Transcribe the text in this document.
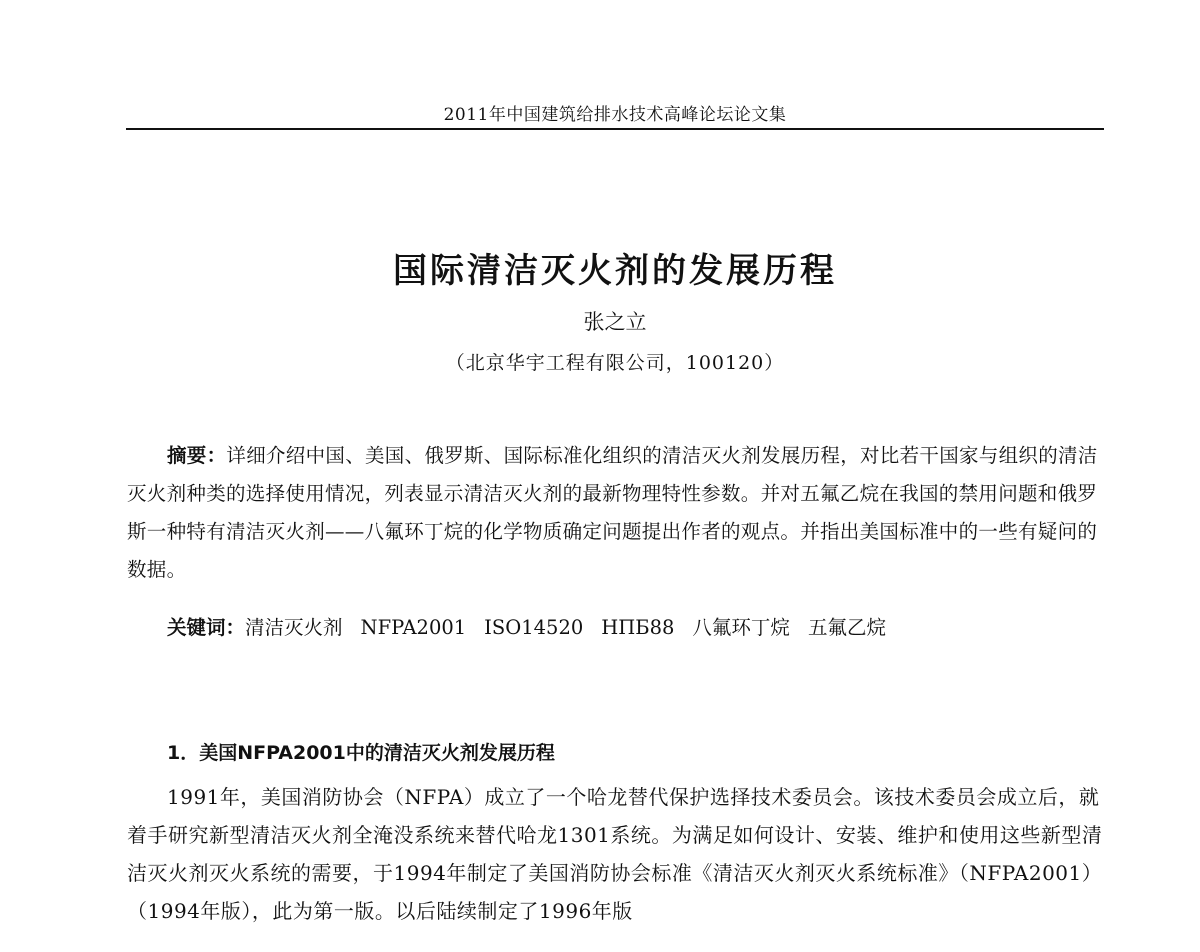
2011年中国建筑给排水技术高峰论坛论文集
国际清洁灭火剂的发展历程
张之立
（北京华宇工程有限公司，100120）

摘要：详细介绍中国、美国、俄罗斯、国际标准化组织的清洁灭火剂发展历程，对比若干国家与组织的清洁灭火剂种类的选择使用情况，列表显示清洁灭火剂的最新物理特性参数。并对五氟乙烷在我国的禁用问题和俄罗斯一种特有清洁灭火剂——八氟环丁烷的化学物质确定问题提出作者的观点。并指出美国标准中的一些有疑问的数据。

关键词：清洁灭火剂 NFPA2001 ISO14520 НПБ88 八氟环丁烷 五氟乙烷

1．美国NFPA2001中的清洁灭火剂发展历程

1991年，美国消防协会（NFPA）成立了一个哈龙替代保护选择技术委员会。该技术委员会成立后，就着手研究新型清洁灭火剂全淹没系统来替代哈龙1301系统。为满足如何设计、安装、维护和使用这些新型清洁灭火剂灭火系统的需要，于1994年制定了美国消防协会标准《清洁灭火剂灭火系统标准》（NFPA2001）（1994年版），此为第一版。以后陆续制定了1996年版
